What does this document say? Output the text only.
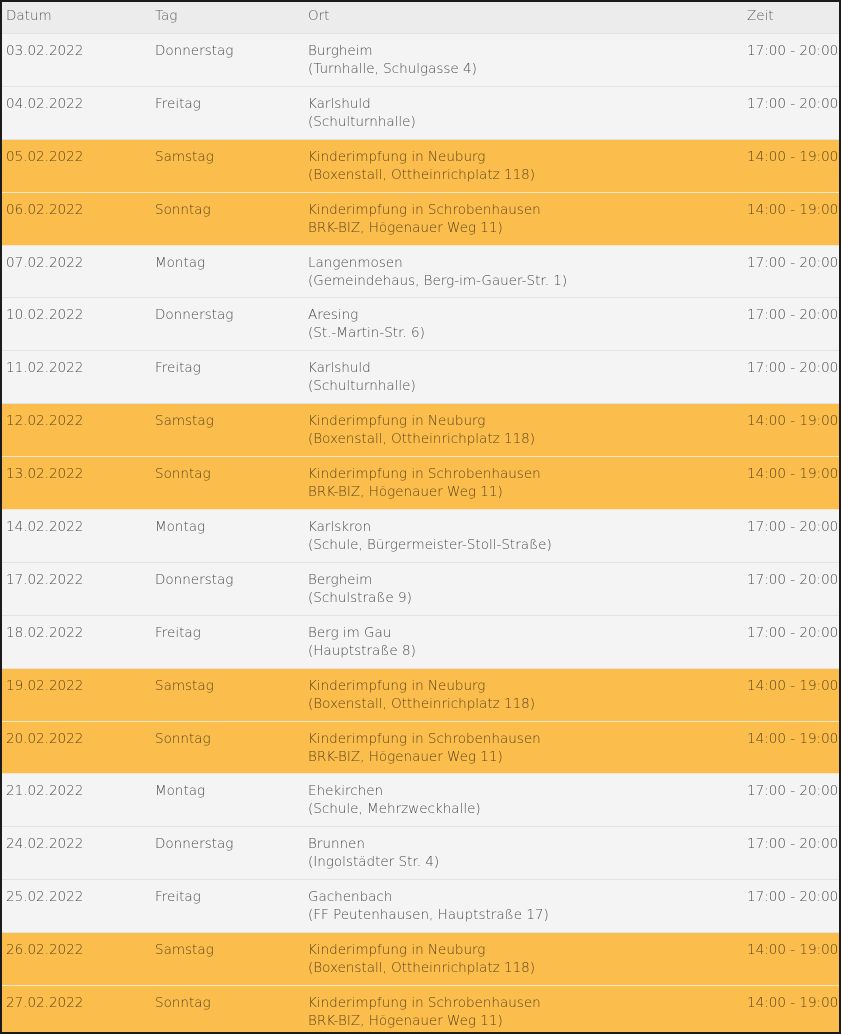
Datum	Tag	Ort	Zeit
03.02.2022	Donnerstag	Burgheim
(Turnhalle, Schulgasse 4)
17:00 - 20:00
04.02.2022	Freitag	Karlshuld
(Schulturnhalle)
17:00 - 20:00
05.02.2022	Samstag	Kinderimpfung in Neuburg
(Boxenstall, Ottheinrichplatz 118)
14:00 - 19:00
06.02.2022	Sonntag	Kinderimpfung in Schrobenhausen
BRK-BIZ, Högenauer Weg 11)
14:00 - 19:00
07.02.2022	Montag	Langenmosen
(Gemeindehaus, Berg-im-Gauer-Str. 1)
17:00 - 20:00
10.02.2022	Donnerstag	Aresing
(St.-Martin-Str. 6)
17:00 - 20:00
11.02.2022	Freitag	Karlshuld
(Schulturnhalle)
17:00 - 20:00
12.02.2022	Samstag	Kinderimpfung in Neuburg
(Boxenstall, Ottheinrichplatz 118)
14:00 - 19:00
13.02.2022	Sonntag	Kinderimpfung in Schrobenhausen
BRK-BIZ, Högenauer Weg 11)
14:00 - 19:00
14.02.2022	Montag	Karlskron
(Schule, Bürgermeister-Stoll-Straße)
17:00 - 20:00
17.02.2022	Donnerstag	Bergheim
(Schulstraße 9)
17:00 - 20:00
18.02.2022	Freitag	Berg im Gau
(Hauptstraße 8)
17:00 - 20:00
19.02.2022	Samstag	Kinderimpfung in Neuburg
(Boxenstall, Ottheinrichplatz 118)
14:00 - 19:00
20.02.2022	Sonntag	Kinderimpfung in Schrobenhausen
BRK-BIZ, Högenauer Weg 11)
14:00 - 19:00
21.02.2022	Montag	Ehekirchen
(Schule, Mehrzweckhalle)
17:00 - 20:00
24.02.2022	Donnerstag	Brunnen
(Ingolstädter Str. 4)
17:00 - 20:00
25.02.2022	Freitag	Gachenbach
(FF Peutenhausen, Hauptstraße 17)
17:00 - 20:00
26.02.2022	Samstag	Kinderimpfung in Neuburg
(Boxenstall, Ottheinrichplatz 118)
14:00 - 19:00
27.02.2022	Sonntag	Kinderimpfung in Schrobenhausen
BRK-BIZ, Högenauer Weg 11)
14:00 - 19:00
